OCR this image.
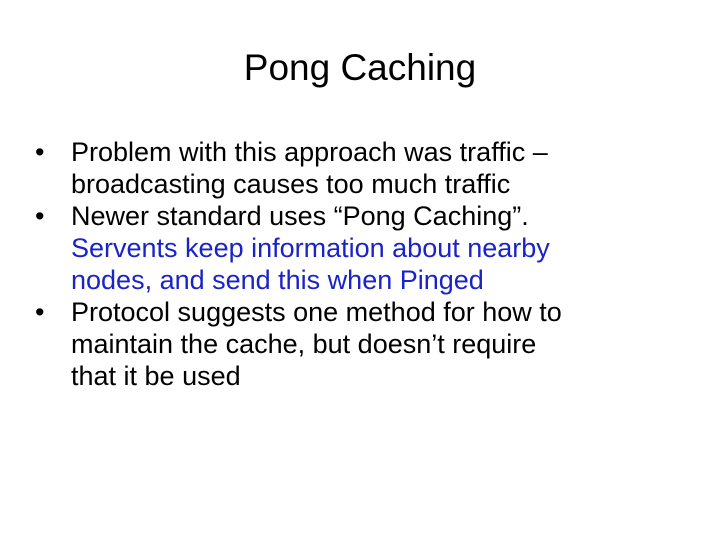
Pong Caching
• Problem with this approach was traffic –
broadcasting causes too much traffic
• Newer standard uses “Pong Caching”.
Servents keep information about nearby
nodes, and send this when Pinged
• Protocol suggests one method for how to
maintain the cache, but doesn’t require
that it be used
